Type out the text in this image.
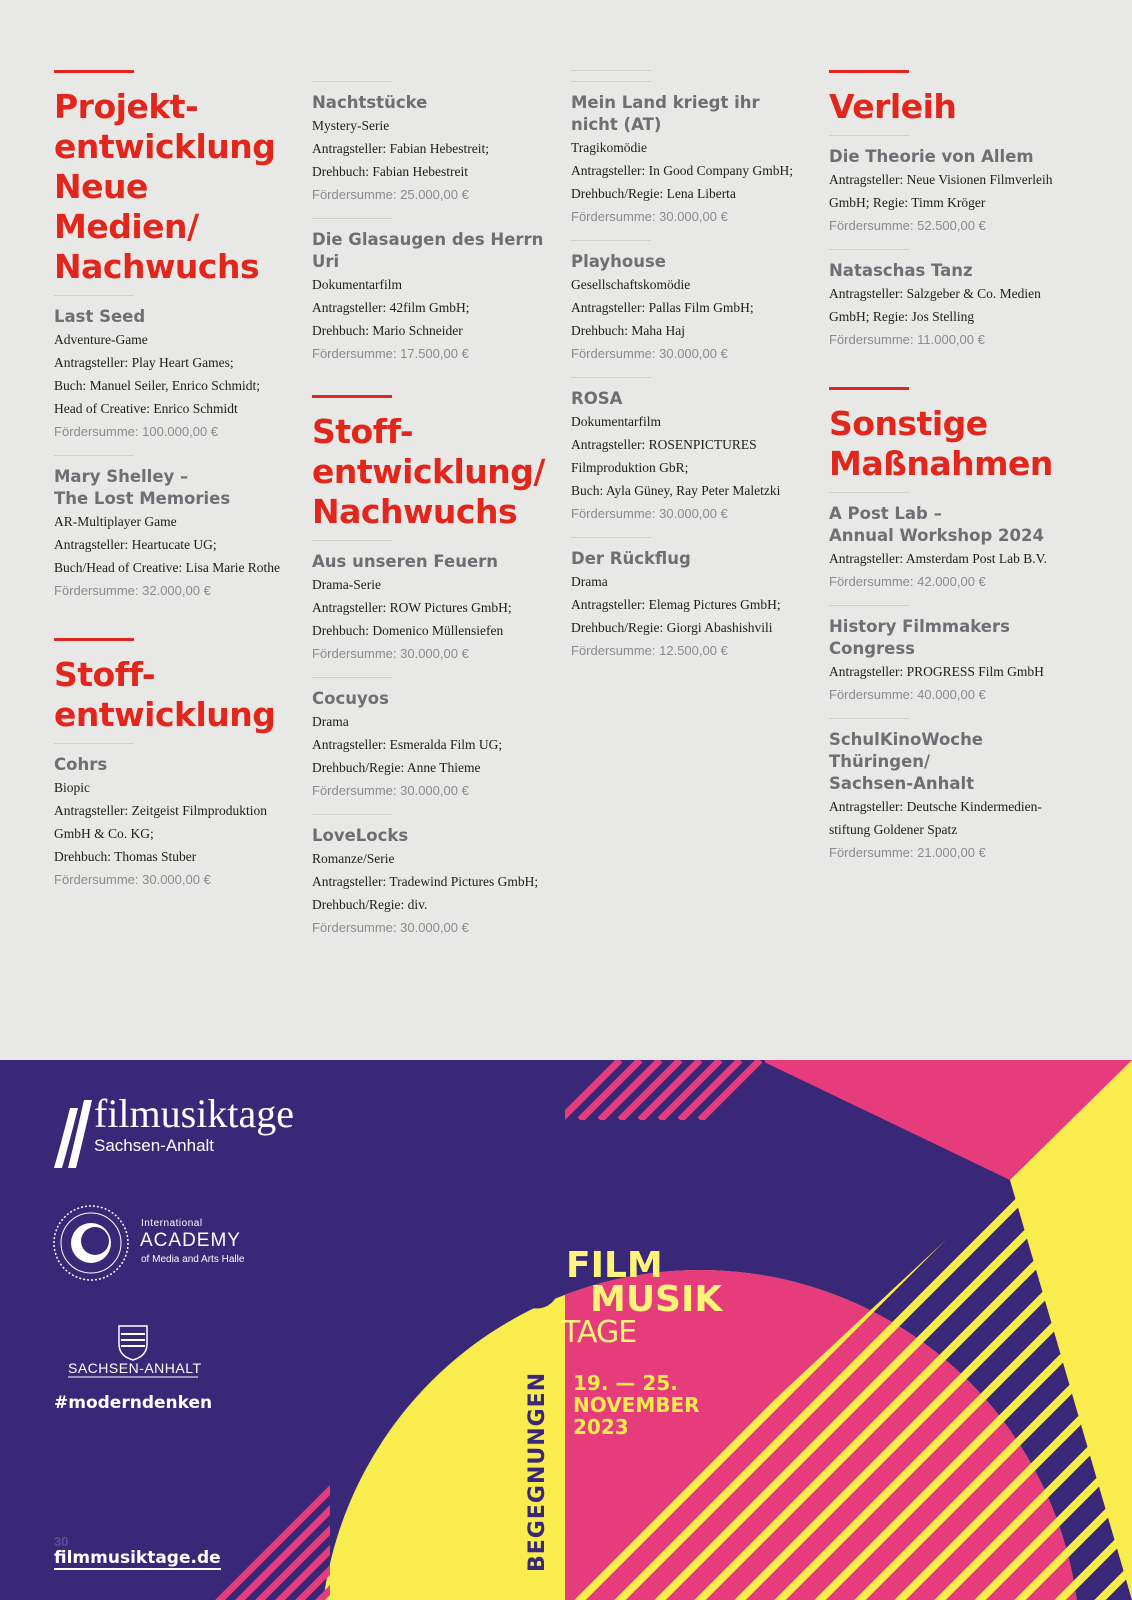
Projekt-
entwicklung
Neue Medien/
Nachwuchs
Last Seed
Adventure-Game
Antragsteller: Play Heart Games;
Buch: Manuel Seiler, Enrico Schmidt;
Head of Creative: Enrico Schmidt
Fördersumme: 100.000,00 €
Mary Shelley –
The Lost Memories
AR-Multiplayer Game
Antragsteller: Heartucate UG;
Buch/Head of Creative: Lisa Marie Rothe
Fördersumme: 32.000,00 €
Stoff-
entwicklung
Cohrs
Biopic
Antragsteller: Zeitgeist Filmproduktion
GmbH & Co. KG;
Drehbuch: Thomas Stuber
Fördersumme: 30.000,00 €
Nachtstücke
Mystery-Serie
Antragsteller: Fabian Hebestreit;
Drehbuch: Fabian Hebestreit
Fördersumme: 25.000,00 €
Die Glasaugen des Herrn Uri
Dokumentarfilm
Antragsteller: 42film GmbH;
Drehbuch: Mario Schneider
Fördersumme: 17.500,00 €
Stoff-
entwicklung/
Nachwuchs
Aus unseren Feuern
Drama-Serie
Antragsteller: ROW Pictures GmbH;
Drehbuch: Domenico Müllensiefen
Fördersumme: 30.000,00 €
Cocuyos
Drama
Antragsteller: Esmeralda Film UG;
Drehbuch/Regie: Anne Thieme
Fördersumme: 30.000,00 €
LoveLocks
Romanze/Serie
Antragsteller: Tradewind Pictures GmbH;
Drehbuch/Regie: div.
Fördersumme: 30.000,00 €
Mein Land kriegt ihr nicht (AT)
Tragikomödie
Antragsteller: In Good Company GmbH;
Drehbuch/Regie: Lena Liberta
Fördersumme: 30.000,00 €
Playhouse
Gesellschaftskomödie
Antragsteller: Pallas Film GmbH;
Drehbuch: Maha Haj
Fördersumme: 30.000,00 €
ROSA
Dokumentarfilm
Antragsteller: ROSENPICTURES
Filmproduktion GbR;
Buch: Ayla Güney, Ray Peter Maletzki
Fördersumme: 30.000,00 €
Der Rückflug
Drama
Antragsteller: Elemag Pictures GmbH;
Drehbuch/Regie: Giorgi Abashishvili
Fördersumme: 12.500,00 €
Verleih
Die Theorie von Allem
Antragsteller: Neue Visionen Filmverleih
GmbH; Regie: Timm Kröger
Fördersumme: 52.500,00 €
Nataschas Tanz
Antragsteller: Salzgeber & Co. Medien
GmbH; Regie: Jos Stelling
Fördersumme: 11.000,00 €
Sonstige
Maßnahmen
A Post Lab –
Annual Workshop 2024
Antragsteller: Amsterdam Post Lab B.V.
Fördersumme: 42.000,00 €
History Filmmakers Congress
Antragsteller: PROGRESS Film GmbH
Fördersumme: 40.000,00 €
SchulKinoWoche Thüringen/
Sachsen-Anhalt
Antragsteller: Deutsche Kindermedien-
stiftung Goldener Spatz
Fördersumme: 21.000,00 €
filmusiktage
Sachsen-Anhalt
International
ACADEMY
of Media and Arts Halle
SACHSEN-ANHALT
#moderndenken
30
filmmusiktage.de
16 FILM
MUSIK
TAGE
19. — 25.
NOVEMBER
2023
BEGEGNUNGEN
